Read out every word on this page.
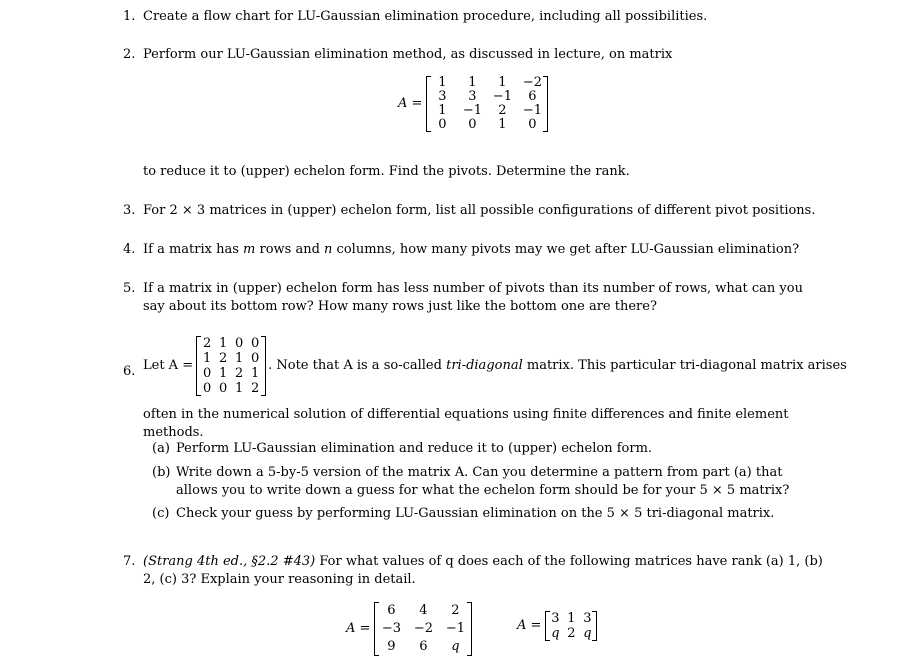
1. Create a flow chart for LU-Gaussian elimination procedure, including all possibilities.
2. Perform our LU-Gaussian elimination method, as discussed in lecture, on matrix
A =
1	1	1	−2
3	3	−1	6
1	−1	2	−1
0	0	1	0
to reduce it to (upper) echelon form. Find the pivots. Determine the rank.
3. For 2 × 3 matrices in (upper) echelon form, list all possible configurations of different pivot positions.
4. If a matrix has m rows and n columns, how many pivots may we get after LU-Gaussian elimination?
5. If a matrix in (upper) echelon form has less number of pivots than its number of rows, what can you say about its bottom row? How many rows just like the bottom one are there?
6. Let A =
2 1 0 0
1 2 1 0
0 1 2 1
0 0 1 2
. Note that A is a so-called tri-diagonal matrix. This particular tri-diagonal matrix arises
often in the numerical solution of differential equations using finite differences and finite element methods.
(a) Perform LU-Gaussian elimination and reduce it to (upper) echelon form.
(b) Write down a 5-by-5 version of the matrix A. Can you determine a pattern from part (a) that allows you to write down a guess for what the echelon form should be for your 5 × 5 matrix?
(c) Check your guess by performing LU-Gaussian elimination on the 5 × 5 tri-diagonal matrix.
7. (Strang 4th ed., §2.2 #43) For what values of q does each of the following matrices have rank (a) 1, (b) 2, (c) 3? Explain your reasoning in detail.
A =
6	4	2
−3 −2 −1
9	6	q
A = 3 1 3
q 2 q
